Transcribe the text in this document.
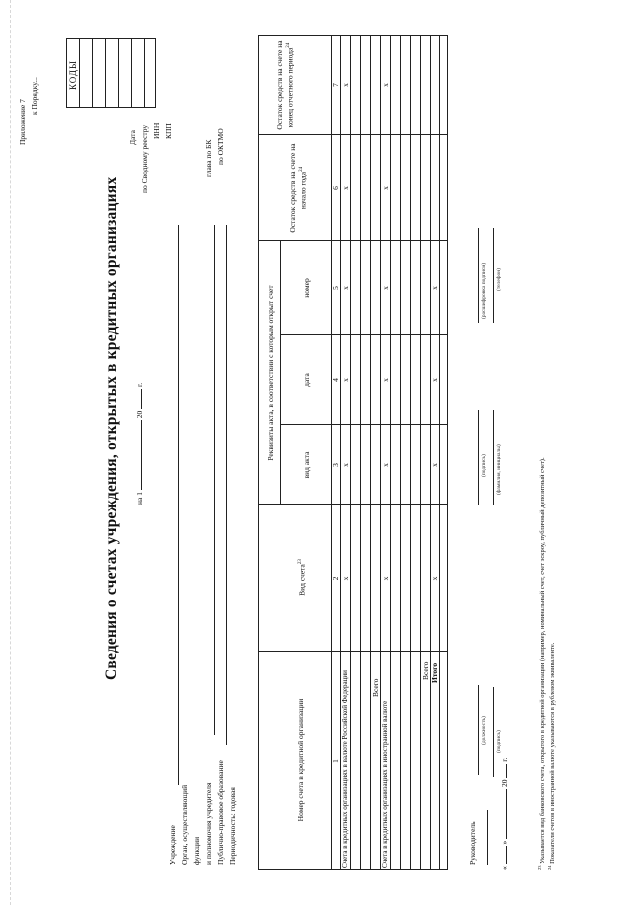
Приложение 7
к Порядку...
Сведения о счетах учреждения, открытых в кредитных организациях на 1  20  г.
КОДЫ
Дата по Сводному реестру ИНН КПП
глава по БК по ОКТМО
Учреждение Орган, осуществляющий функции и полномочия учредителя Публично-правовое образование Периодичность: годовая
Номер счета в кредитной организации
Вид счета$^{23}$
Реквизиты акта, в соответствии с которым открыт счет
вид акта
дата
номер
Остаток средств на счете на начало года$^{24}$
Остаток средств на счете на конец отчетного периода$^{24}$
1
2
3
4
5
6
7
Счета в кредитных организациях в валюте Российской Федерации
x
x
x
x
x
x
Всего
Счета в кредитных организациях в иностранной валюте
x
x
x
x
x
x
Всего Итого
x
x
x
x
Руководитель
(должность) (подпись)
(подпись) (фамилия, инициалы)
(расшифровка подписи) (телефон)
«  »  20  г.
$^{23}$ Указывается вид банковского счета, открытого в кредитной организации (например, номинальный счет, счет эскроу, публичный депозитный счет).
$^{24}$ Показатели счетов в иностранной валюте указываются в рублевом эквиваленте.
